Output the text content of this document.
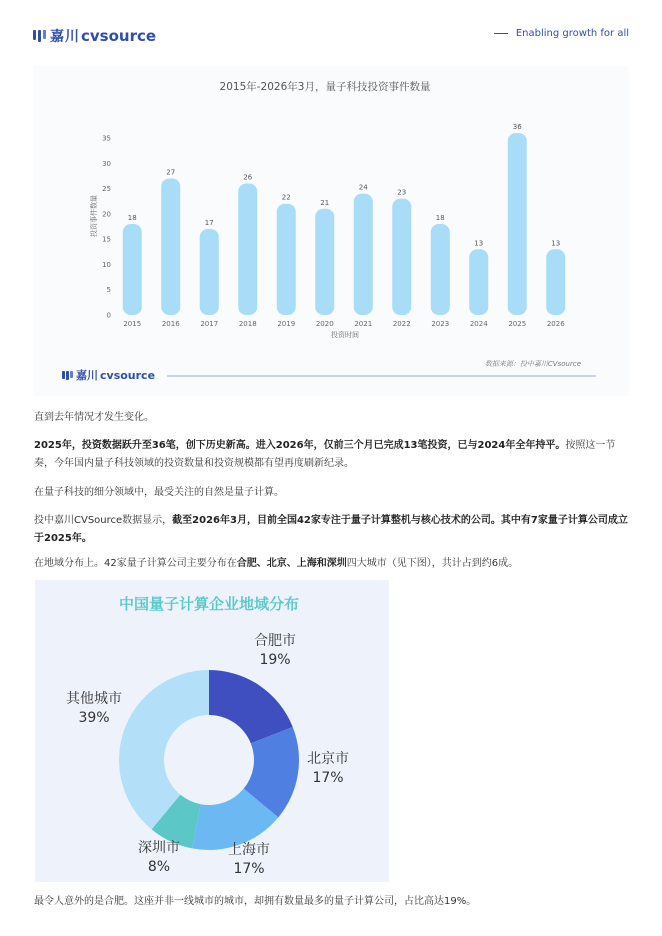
嘉川 cvsource	Enabling growth for all
2015年-2026年3月，量子科技投资事件数量
0
5
10
15
20
25
30
35
18
27
17
26
22
21
24
23
18
13
36
13
2015	2016	2017	2018	2019	2020	2021	2022	2023	2024	2025	2026
投资事件数量
投资时间
数据来源：投中嘉川CVsource
嘉川 cvsource

直到去年情况才发生变化。

2025年，投资数据跃升至36笔，创下历史新高。进入2026年，仅前三个月已完成13笔投资，已与2024年全年持平。按照这一节奏，今年国内量子科技领域的投资数量和投资规模都有望再度刷新纪录。

在量子科技的细分领域中，最受关注的自然是量子计算。

投中嘉川CVSource数据显示，截至2026年3月，目前全国42家专注于量子计算整机与核心技术的公司。其中有7家量子计算公司成立于2025年。

在地域分布上。42家量子计算公司主要分布在合肥、北京、上海和深圳四大城市（见下图），共计占到约6成。

中国量子计算企业地域分布
合肥市
19%
北京市
17%
上海市
17%
深圳市
8%
其他城市
39%

最令人意外的是合肥。这座并非一线城市的城市，却拥有数量最多的量子计算公司，占比高达19%。
